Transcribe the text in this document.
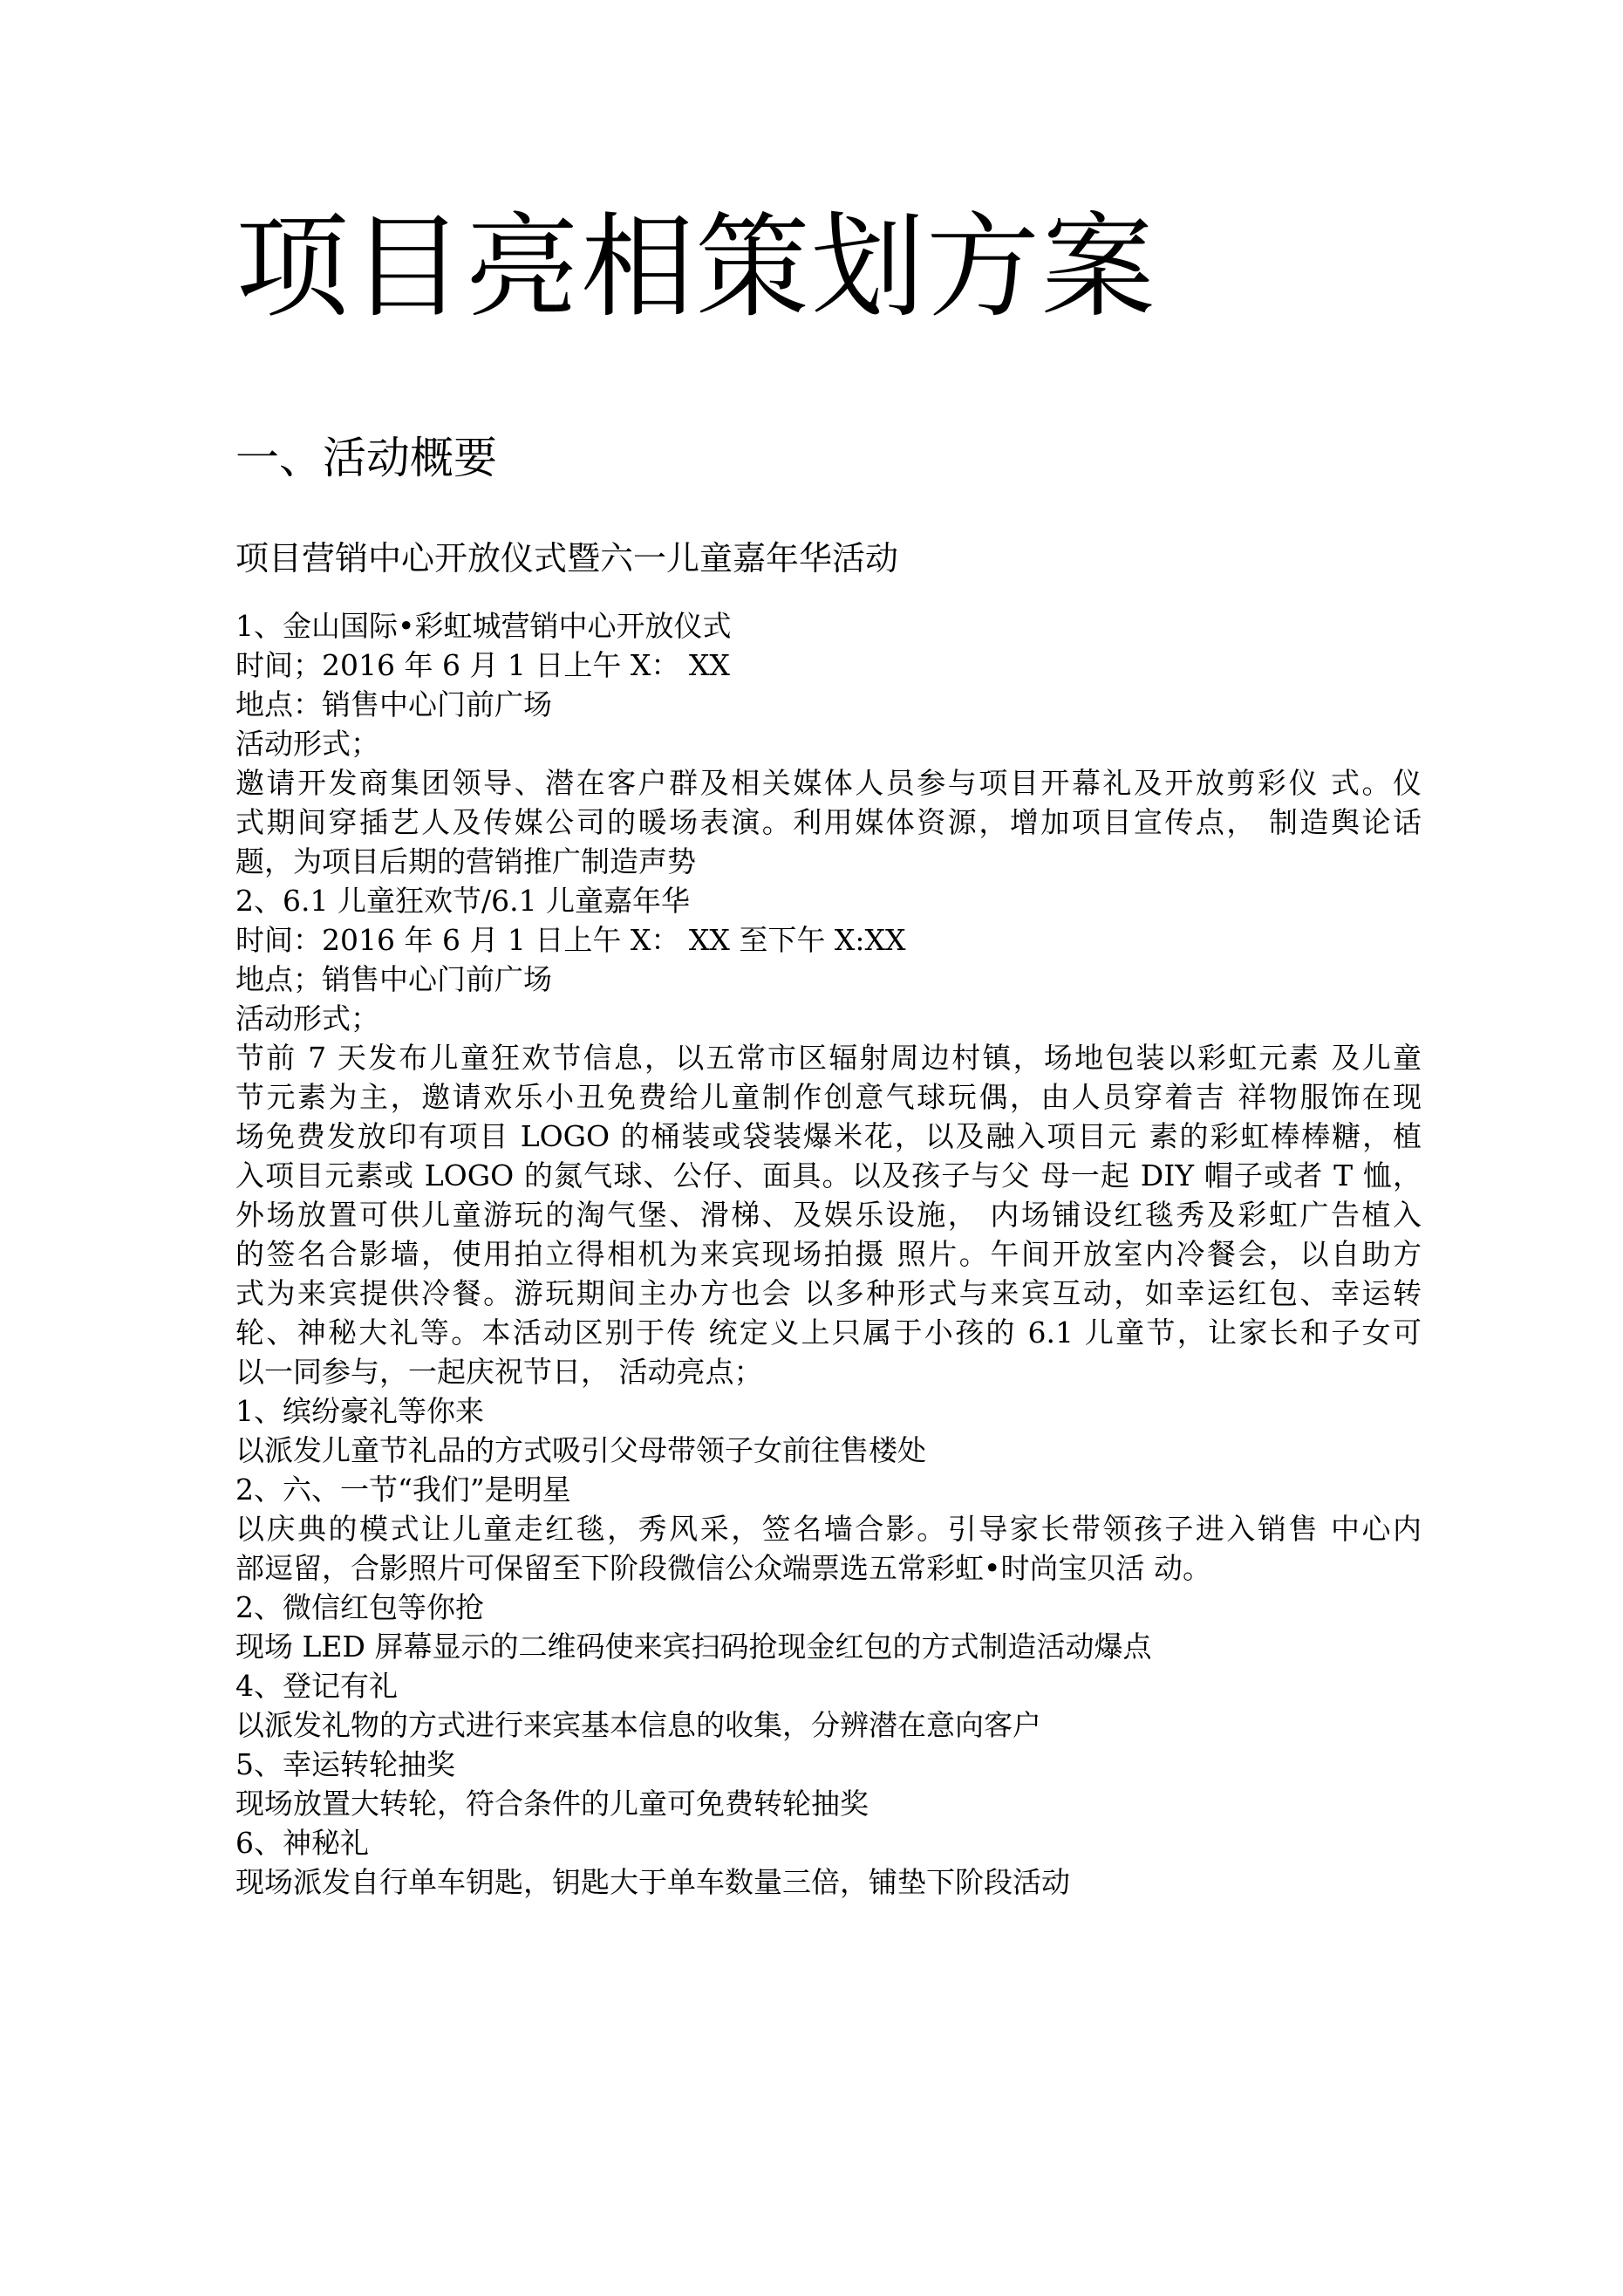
项目亮相策划方案
一、活动概要
项目营销中心开放仪式暨六一儿童嘉年华活动
1、金山国际•彩虹城营销中心开放仪式
时间；2016 年 6 月 1 日上午 X： XX
地点：销售中心门前广场
活动形式；
邀请开发商集团领导、潜在客户群及相关媒体人员参与项目开幕礼及开放剪彩仪 式。仪
式期间穿插艺人及传媒公司的暖场表演。利用媒体资源，增加项目宣传点， 制造舆论话
题，为项目后期的营销推广制造声势
2、6.1 儿童狂欢节/6.1 儿童嘉年华
时间：2016 年 6 月 1 日上午 X： XX 至下午 X:XX
地点；销售中心门前广场
活动形式；
节前 7 天发布儿童狂欢节信息，以五常市区辐射周边村镇，场地包装以彩虹元素 及儿童
节元素为主，邀请欢乐小丑免费给儿童制作创意气球玩偶，由人员穿着吉 祥物服饰在现
场免费发放印有项目 LOGO 的桶装或袋装爆米花，以及融入项目元 素的彩虹棒棒糖，植
入项目元素或 LOGO 的氮气球、公仔、面具。以及孩子与父 母一起 DIY 帽子或者 T 恤，
外场放置可供儿童游玩的淘气堡、滑梯、及娱乐设施， 内场铺设红毯秀及彩虹广告植入
的签名合影墙，使用拍立得相机为来宾现场拍摄 照片。午间开放室内冷餐会，以自助方
式为来宾提供冷餐。游玩期间主办方也会 以多种形式与来宾互动，如幸运红包、幸运转
轮、神秘大礼等。本活动区别于传 统定义上只属于小孩的 6.1 儿童节，让家长和子女可
以一同参与，一起庆祝节日， 活动亮点；
1、缤纷豪礼等你来
以派发儿童节礼品的方式吸引父母带领子女前往售楼处
2、六、一节“我们”是明星
以庆典的模式让儿童走红毯，秀风采，签名墙合影。引导家长带领孩子进入销售 中心内
部逗留，合影照片可保留至下阶段微信公众端票选五常彩虹•时尚宝贝活 动。
2、微信红包等你抢
现场 LED 屏幕显示的二维码使来宾扫码抢现金红包的方式制造活动爆点
4、登记有礼
以派发礼物的方式进行来宾基本信息的收集，分辨潜在意向客户
5、幸运转轮抽奖
现场放置大转轮，符合条件的儿童可免费转轮抽奖
6、神秘礼
现场派发自行单车钥匙，钥匙大于单车数量三倍，铺垫下阶段活动
